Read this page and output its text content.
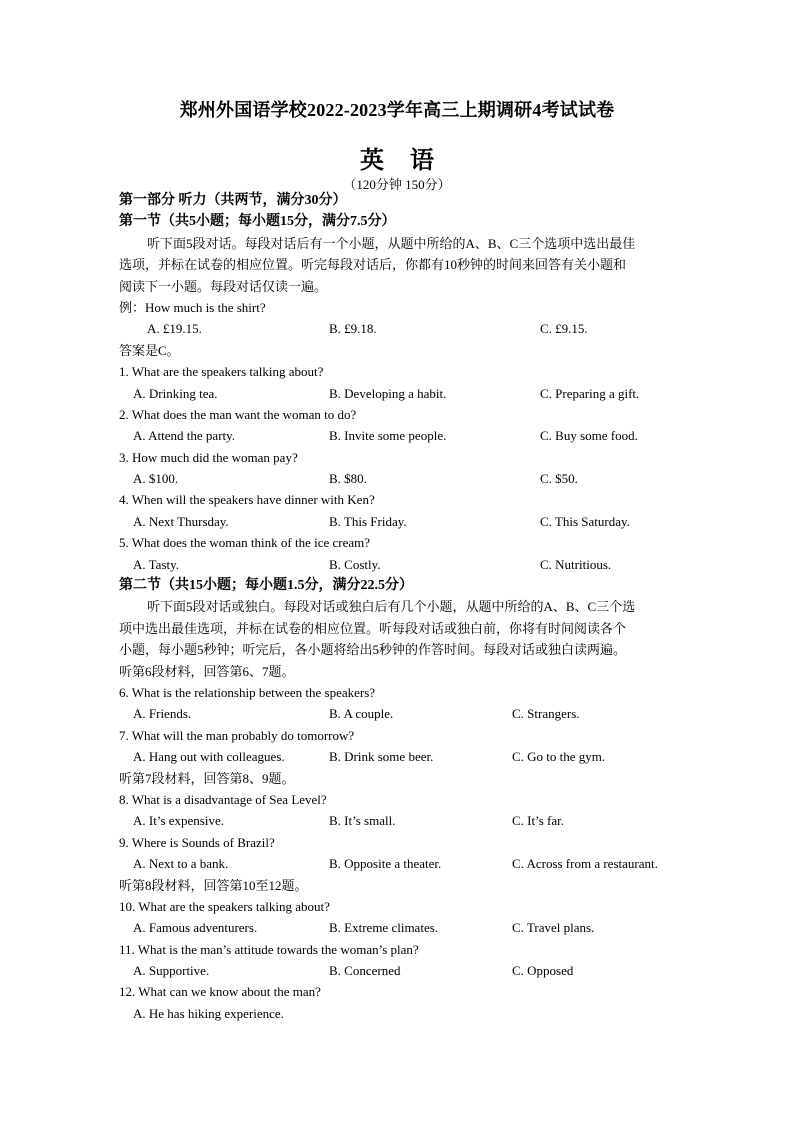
郑州外国语学校2022-2023学年高三上期调研4考试试卷
英 语
（120分钟 150分）
第一部分 听力（共两节，满分30分）
第一节（共5小题；每小题15分，满分7.5分）
听下面5段对话。每段对话后有一个小题，从题中所给的A、B、C三个选项中选出最佳
选项，并标在试卷的相应位置。听完每段对话后，你都有10秒钟的时间来回答有关小题和
阅读下一小题。每段对话仅读一遍。
例：How much is the shirt?
A. £19.15.	B. £9.18.	C. £9.15.
答案是C。
1. What are the speakers talking about?
A. Drinking tea.	B. Developing a habit.	C. Preparing a gift.
2. What does the man want the woman to do?
A. Attend the party.	B. Invite some people.	C. Buy some food.
3. How much did the woman pay?
A. $100.	B. $80.	C. $50.
4. When will the speakers have dinner with Ken?
A. Next Thursday.	B. This Friday.	C. This Saturday.
5. What does the woman think of the ice cream?
A. Tasty.	B. Costly.	C. Nutritious.
第二节（共15小题；每小题1.5分，满分22.5分）
听下面5段对话或独白。每段对话或独白后有几个小题，从题中所给的A、B、C三个选
项中选出最佳选项，并标在试卷的相应位置。听每段对话或独白前，你将有时间阅读各个
小题，每小题5秒钟；听完后，各小题将给出5秒钟的作答时间。每段对话或独白读两遍。
听第6段材料，回答第6、7题。
6. What is the relationship between the speakers?
A. Friends.	B. A couple.	C. Strangers.
7. What will the man probably do tomorrow?
A. Hang out with colleagues.	B. Drink some beer.	C. Go to the gym.
听第7段材料，回答第8、9题。
8. What is a disadvantage of Sea Level?
A. It’s expensive.	B. It’s small.	C. It’s far.
9. Where is Sounds of Brazil?
A. Next to a bank.	B. Opposite a theater.	C. Across from a restaurant.
听第8段材料，回答第10至12题。
10. What are the speakers talking about?
A. Famous adventurers.	B. Extreme climates.	C. Travel plans.
11. What is the man’s attitude towards the woman’s plan?
A. Supportive.	B. Concerned	C. Opposed
12. What can we know about the man?
A. He has hiking experience.
